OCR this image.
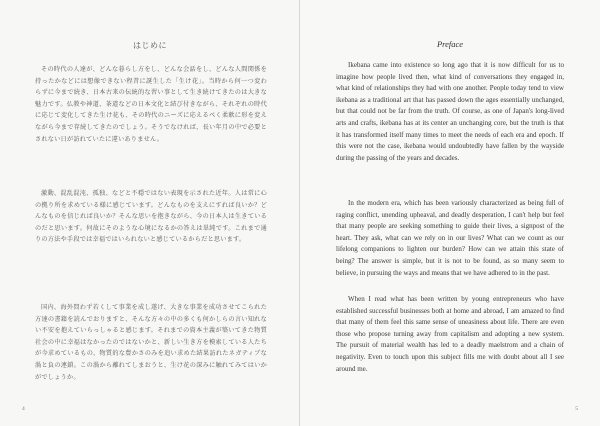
はじめに
その時代の人達が、どんな暮らし方をし、どんな会話をし、どんな人間関係を持ったかなどには想像できない程昔に誕生した「生け花」。当時から何一つ変わらずに今まで続き、日本古来の伝統的な習い事として生き続けてきたのは大きな魅力です。仏教や神道、茶道などの日本文化と結び付きながら、それぞれの時代に応じて変化してきた生け花も、その時代のニーズに応えるべく柔軟に形を変えながら今まで存続してきたのでしょう。そうでなければ、長い年月の中で必要とされない日が訪れていたに違いありません。
激動、混乱混沌、孤独、などと不穏ではない表現を示された近年。人は常に心の拠り所を求めている様に感じています。どんなものを支えにすれば良いか？どんなものを信じれば良いか？そんな思いを抱きながら、今の日本人は生きているのだと思います。何故にそのような心境になるかの答えは単純です。これまで通りの方法や手段では幸福ではいられないと感じているからだと思います。
国内、海外問わず若くして事業を成し遂げ、大きな事業を成功させてこられた方達の書籍を読んでおりますと、そんな方々の中の多くも何かしらの言い知れない不安を抱えていらっしゃると感じます。それまでの資本主義が築いてきた物質社会の中に幸福はなかったのではないかと、新しい生き方を模索している人たちが今求めているもの、物質的な豊かさのみを追い求めた結果訪れたネガティブな渦と負の連鎖。この渦から離れてしまおうと、生け花の深みに触れてみてはいかがでしょうか。
4
Preface
Ikebana came into existence so long ago that it is now difficult for us to imagine how people lived then, what kind of conversations they engaged in, what kind of relationships they had with one another. People today tend to view ikebana as a traditional art that has passed down the ages essentially unchanged, but that could not be far from the truth. Of course, as one of Japan's long-lived arts and crafts, ikebana has at its center an unchanging core, but the truth is that it has transformed itself many times to meet the needs of each era and epoch. If this were not the case, ikebana would undoubtedly have fallen by the wayside during the passing of the years and decades.
In the modern era, which has been variously characterized as being full of raging conflict, unending upheaval, and deadly desperation, I can't help but feel that many people are seeking something to guide their lives, a signpost of the heart. They ask, what can we rely on in our lives? What can we count as our lifelong companions to lighten our burden? How can we attain this state of being? The answer is simple, but it is not to be found, as so many seem to believe, in pursuing the ways and means that we have adhered to in the past.
When I read what has been written by young entrepreneurs who have established successful businesses both at home and abroad, I am amazed to find that many of them feel this same sense of uneasiness about life. There are even those who propose turning away from capitalism and adopting a new system. The pursuit of material wealth has led to a deadly maelstrom and a chain of negativity. Even to touch upon this subject fills me with doubt about all I see around me.
5
